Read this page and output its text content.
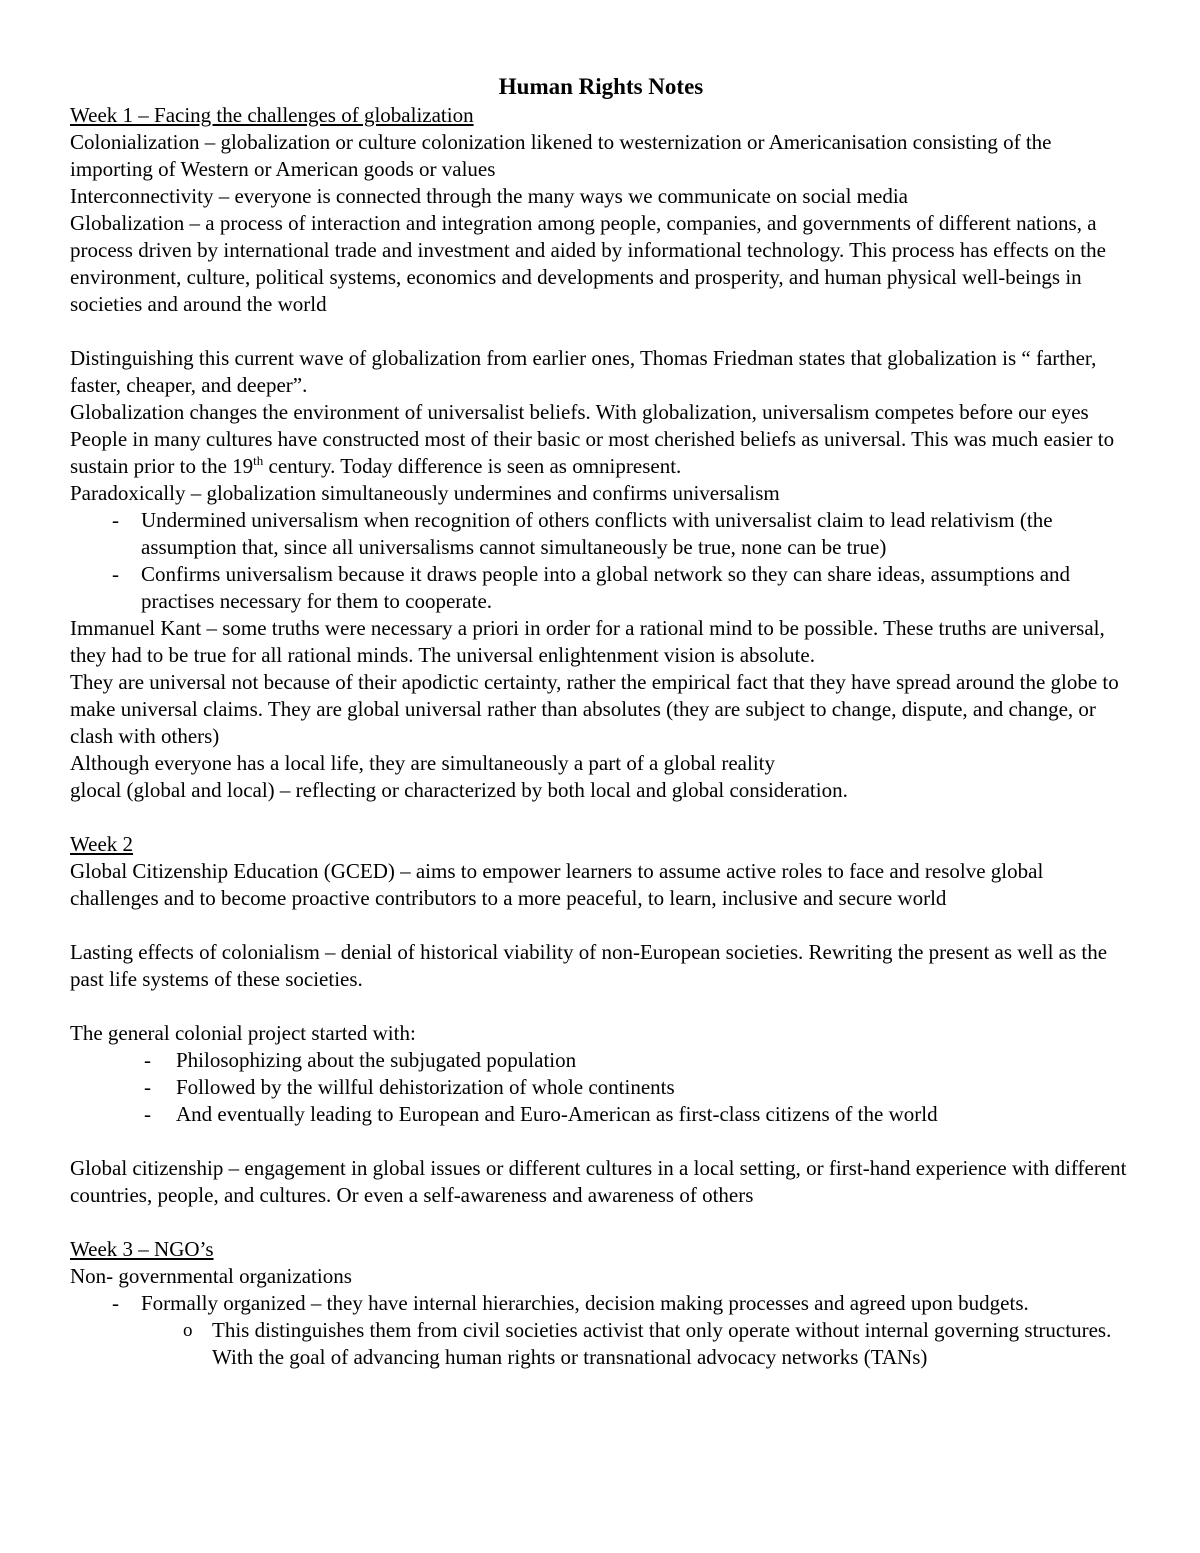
Human Rights Notes

Week 1 – Facing the challenges of globalization

Colonialization – globalization or culture colonization likened to westernization or Americanisation consisting of the importing of Western or American goods or values

Interconnectivity – everyone is connected through the many ways we communicate on social media

Globalization – a process of interaction and integration among people, companies, and governments of different nations, a process driven by international trade and investment and aided by informational technology. This process has effects on the environment, culture, political systems, economics and developments and prosperity, and human physical well-beings in societies and around the world

Distinguishing this current wave of globalization from earlier ones, Thomas Friedman states that globalization is “ farther, faster, cheaper, and deeper”.

Globalization changes the environment of universalist beliefs. With globalization, universalism competes before our eyes

People in many cultures have constructed most of their basic or most cherished beliefs as universal. This was much easier to sustain prior to the 19th century. Today difference is seen as omnipresent.

Paradoxically – globalization simultaneously undermines and confirms universalism

- Undermined universalism when recognition of others conflicts with universalist claim to lead relativism (the assumption that, since all universalisms cannot simultaneously be true, none can be true)
- Confirms universalism because it draws people into a global network so they can share ideas, assumptions and practises necessary for them to cooperate.

Immanuel Kant – some truths were necessary a priori in order for a rational mind to be possible. These truths are universal, they had to be true for all rational minds. The universal enlightenment vision is absolute.

They are universal not because of their apodictic certainty, rather the empirical fact that they have spread around the globe to make universal claims. They are global universal rather than absolutes (they are subject to change, dispute, and change, or clash with others)

Although everyone has a local life, they are simultaneously a part of a global reality

glocal (global and local) – reflecting or characterized by both local and global consideration.

Week 2

Global Citizenship Education (GCED) – aims to empower learners to assume active roles to face and resolve global challenges and to become proactive contributors to a more peaceful, to learn, inclusive and secure world

Lasting effects of colonialism – denial of historical viability of non-European societies. Rewriting the present as well as the past life systems of these societies.

The general colonial project started with:

- Philosophizing about the subjugated population
- Followed by the willful dehistorization of whole continents
- And eventually leading to European and Euro-American as first-class citizens of the world

Global citizenship – engagement in global issues or different cultures in a local setting, or first-hand experience with different countries, people, and cultures. Or even a self-awareness and awareness of others

Week 3 – NGO’s

Non- governmental organizations

- Formally organized – they have internal hierarchies, decision making processes and agreed upon budgets.
o This distinguishes them from civil societies activist that only operate without internal governing structures. With the goal of advancing human rights or transnational advocacy networks (TANs)
